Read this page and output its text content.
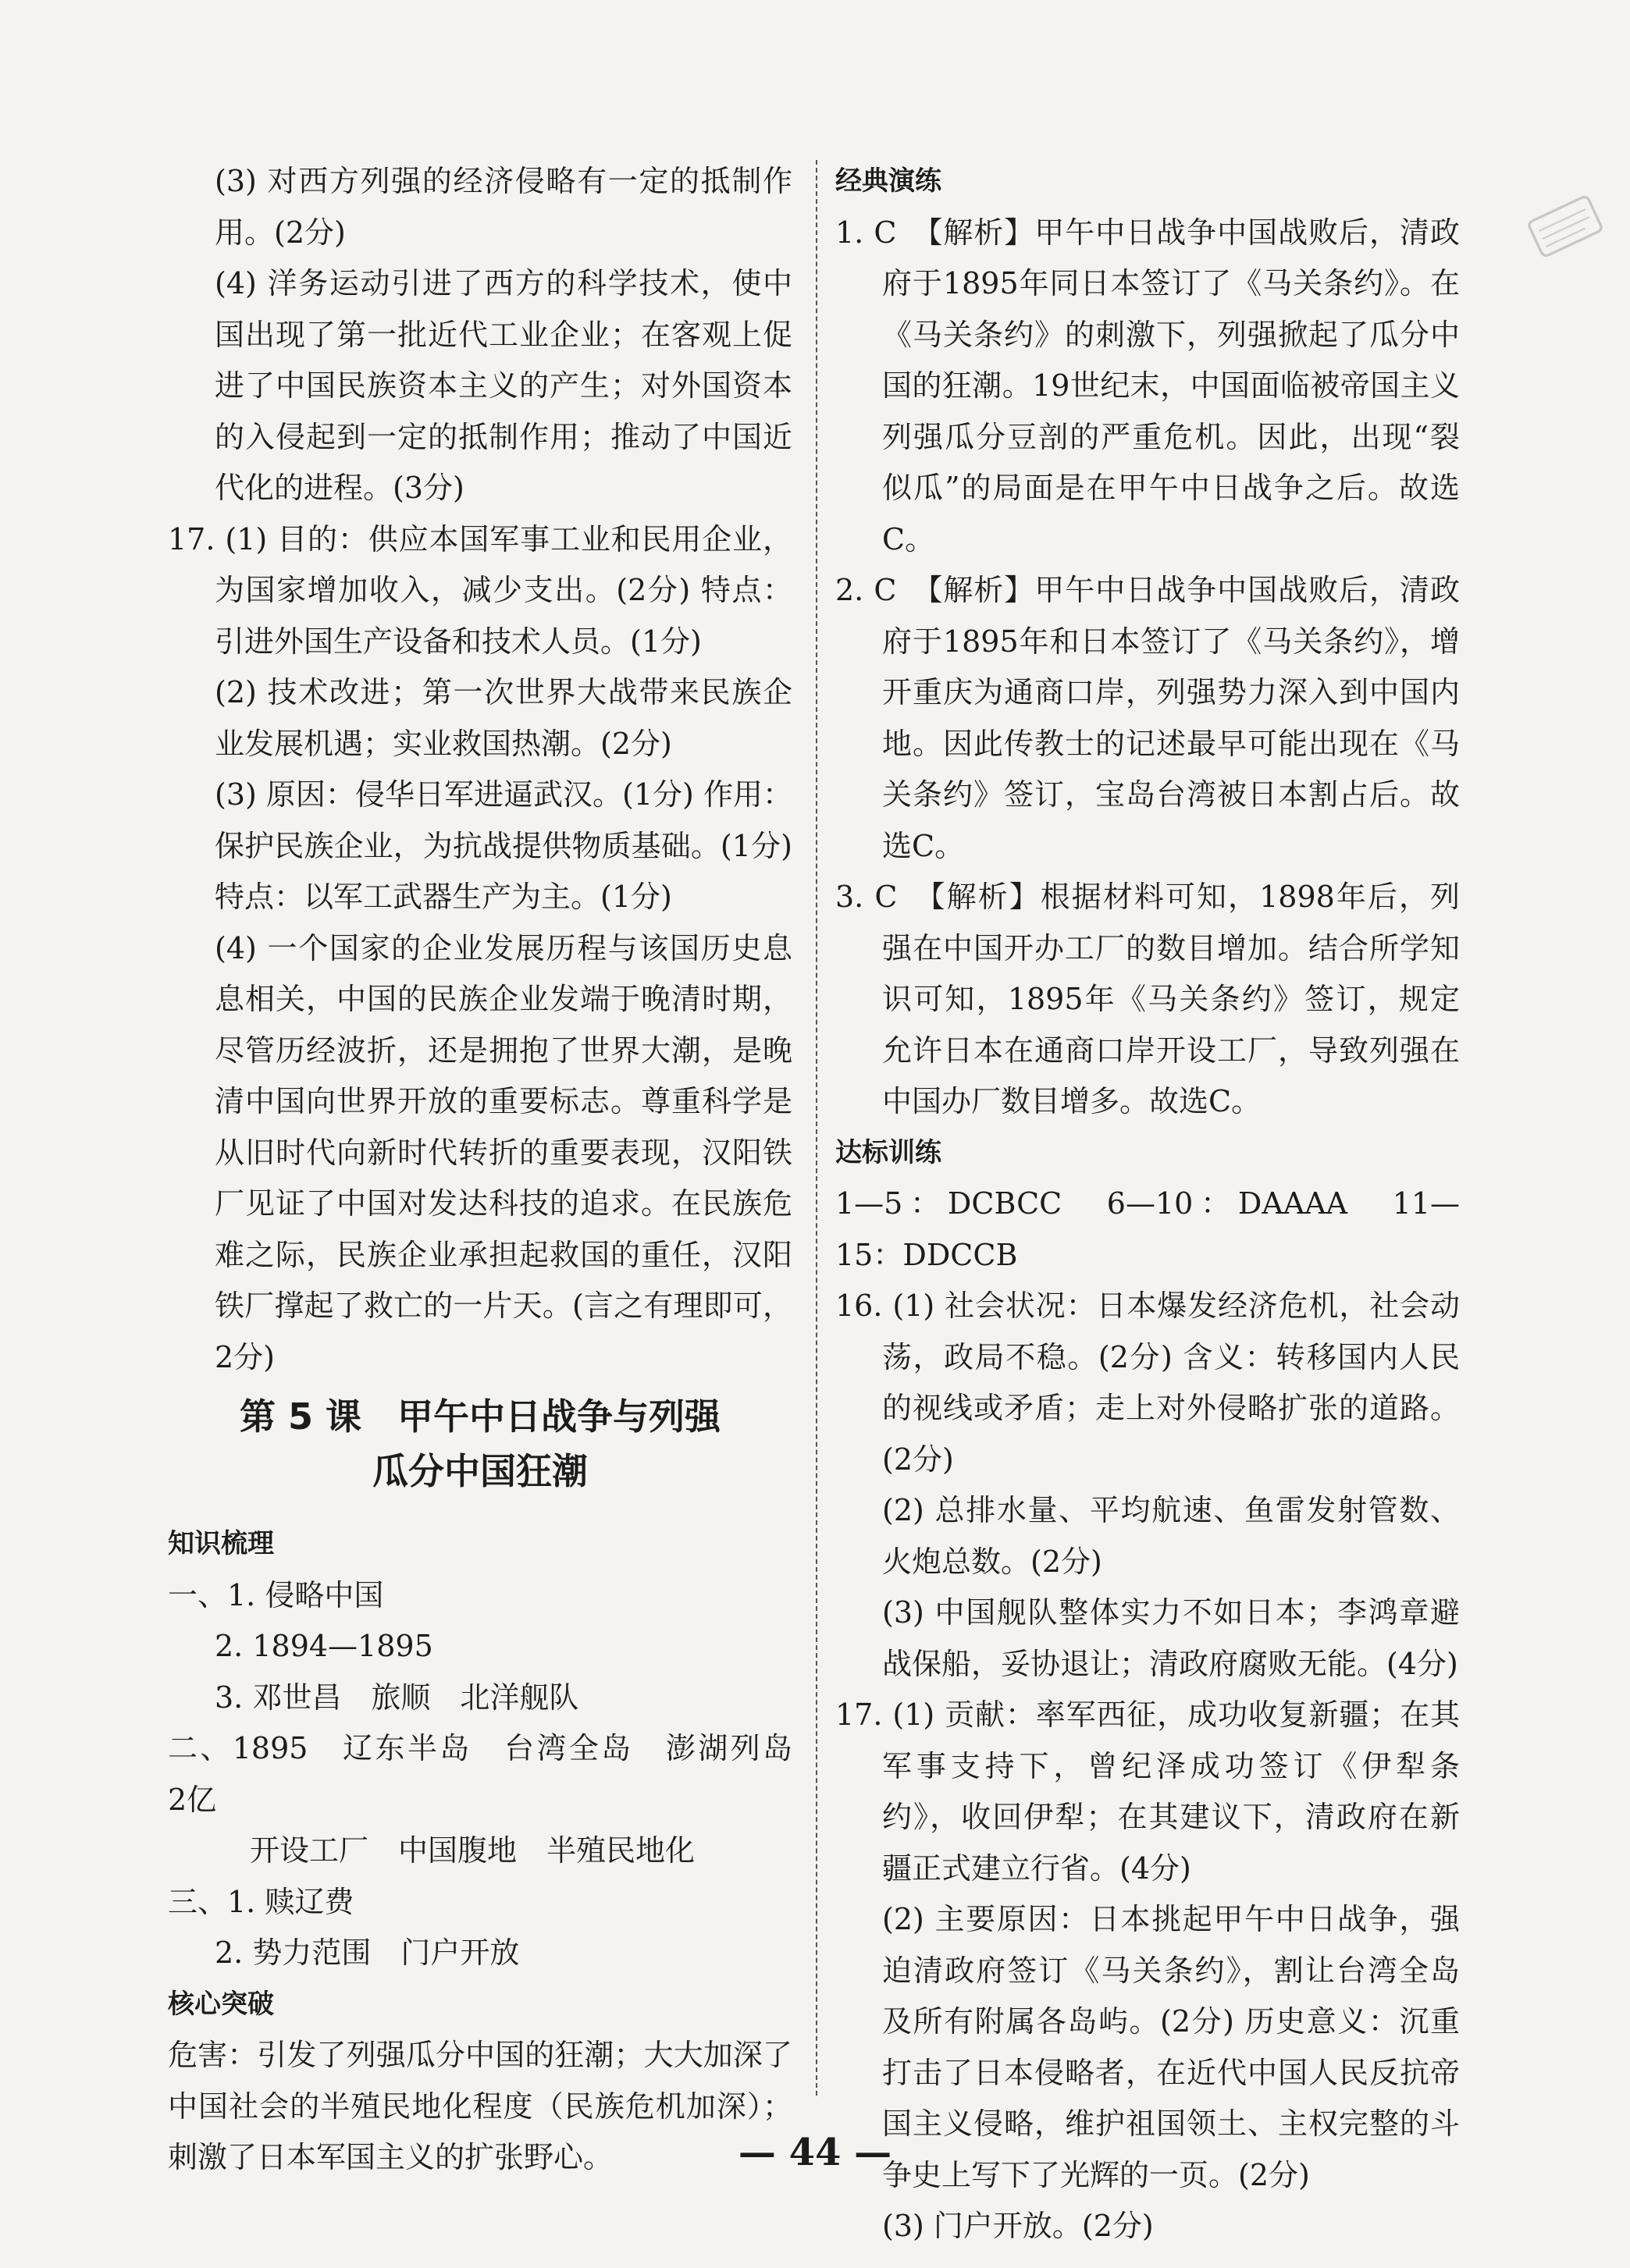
(3) 对西方列强的经济侵略有一定的抵制作用。(2分)

(4) 洋务运动引进了西方的科学技术，使中国出现了第一批近代工业企业；在客观上促进了中国民族资本主义的产生；对外国资本的入侵起到一定的抵制作用；推动了中国近代化的进程。(3分)

17. (1) 目的：供应本国军事工业和民用企业，为国家增加收入，减少支出。(2分) 特点：引进外国生产设备和技术人员。(1分)

(2) 技术改进；第一次世界大战带来民族企业发展机遇；实业救国热潮。(2分)

(3) 原因：侵华日军进逼武汉。(1分) 作用：保护民族企业，为抗战提供物质基础。(1分) 特点：以军工武器生产为主。(1分)

(4) 一个国家的企业发展历程与该国历史息息相关，中国的民族企业发端于晚清时期，尽管历经波折，还是拥抱了世界大潮，是晚清中国向世界开放的重要标志。尊重科学是从旧时代向新时代转折的重要表现，汉阳铁厂见证了中国对发达科技的追求。在民族危难之际，民族企业承担起救国的重任，汉阳铁厂撑起了救亡的一片天。(言之有理即可，2分)

第 5 课　甲午中日战争与列强
瓜分中国狂潮

知识梳理

一、1. 侵略中国

2. 1894—1895

3. 邓世昌　旅顺　北洋舰队

二、1895　辽东半岛　台湾全岛　澎湖列岛　2亿

开设工厂　中国腹地　半殖民地化

三、1. 赎辽费

2. 势力范围　门户开放

核心突破

危害：引发了列强瓜分中国的狂潮；大大加深了中国社会的半殖民地化程度（民族危机加深）；刺激了日本军国主义的扩张野心。

经典演练

1. C　【解析】甲午中日战争中国战败后，清政府于1895年同日本签订了《马关条约》。在《马关条约》的刺激下，列强掀起了瓜分中国的狂潮。19世纪末，中国面临被帝国主义列强瓜分豆剖的严重危机。因此，出现“裂似瓜”的局面是在甲午中日战争之后。故选C。

2. C　【解析】甲午中日战争中国战败后，清政府于1895年和日本签订了《马关条约》，增开重庆为通商口岸，列强势力深入到中国内地。因此传教士的记述最早可能出现在《马关条约》签订，宝岛台湾被日本割占后。故选C。

3. C　【解析】根据材料可知，1898年后，列强在中国开办工厂的数目增加。结合所学知识可知，1895年《马关条约》签订，规定允许日本在通商口岸开设工厂，导致列强在中国办厂数目增多。故选C。

达标训练

1—5：DCBCC　6—10：DAAAA　11—15：DDCCB

16. (1) 社会状况：日本爆发经济危机，社会动荡，政局不稳。(2分) 含义：转移国内人民的视线或矛盾；走上对外侵略扩张的道路。(2分)

(2) 总排水量、平均航速、鱼雷发射管数、火炮总数。(2分)

(3) 中国舰队整体实力不如日本；李鸿章避战保船，妥协退让；清政府腐败无能。(4分)

17. (1) 贡献：率军西征，成功收复新疆；在其军事支持下，曾纪泽成功签订《伊犁条约》，收回伊犁；在其建议下，清政府在新疆正式建立行省。(4分)

(2) 主要原因：日本挑起甲午中日战争，强迫清政府签订《马关条约》，割让台湾全岛及所有附属各岛屿。(2分) 历史意义：沉重打击了日本侵略者，在近代中国人民反抗帝国主义侵略，维护祖国领土、主权完整的斗争史上写下了光辉的一页。(2分)

(3) 门户开放。(2分)

— 44 —
